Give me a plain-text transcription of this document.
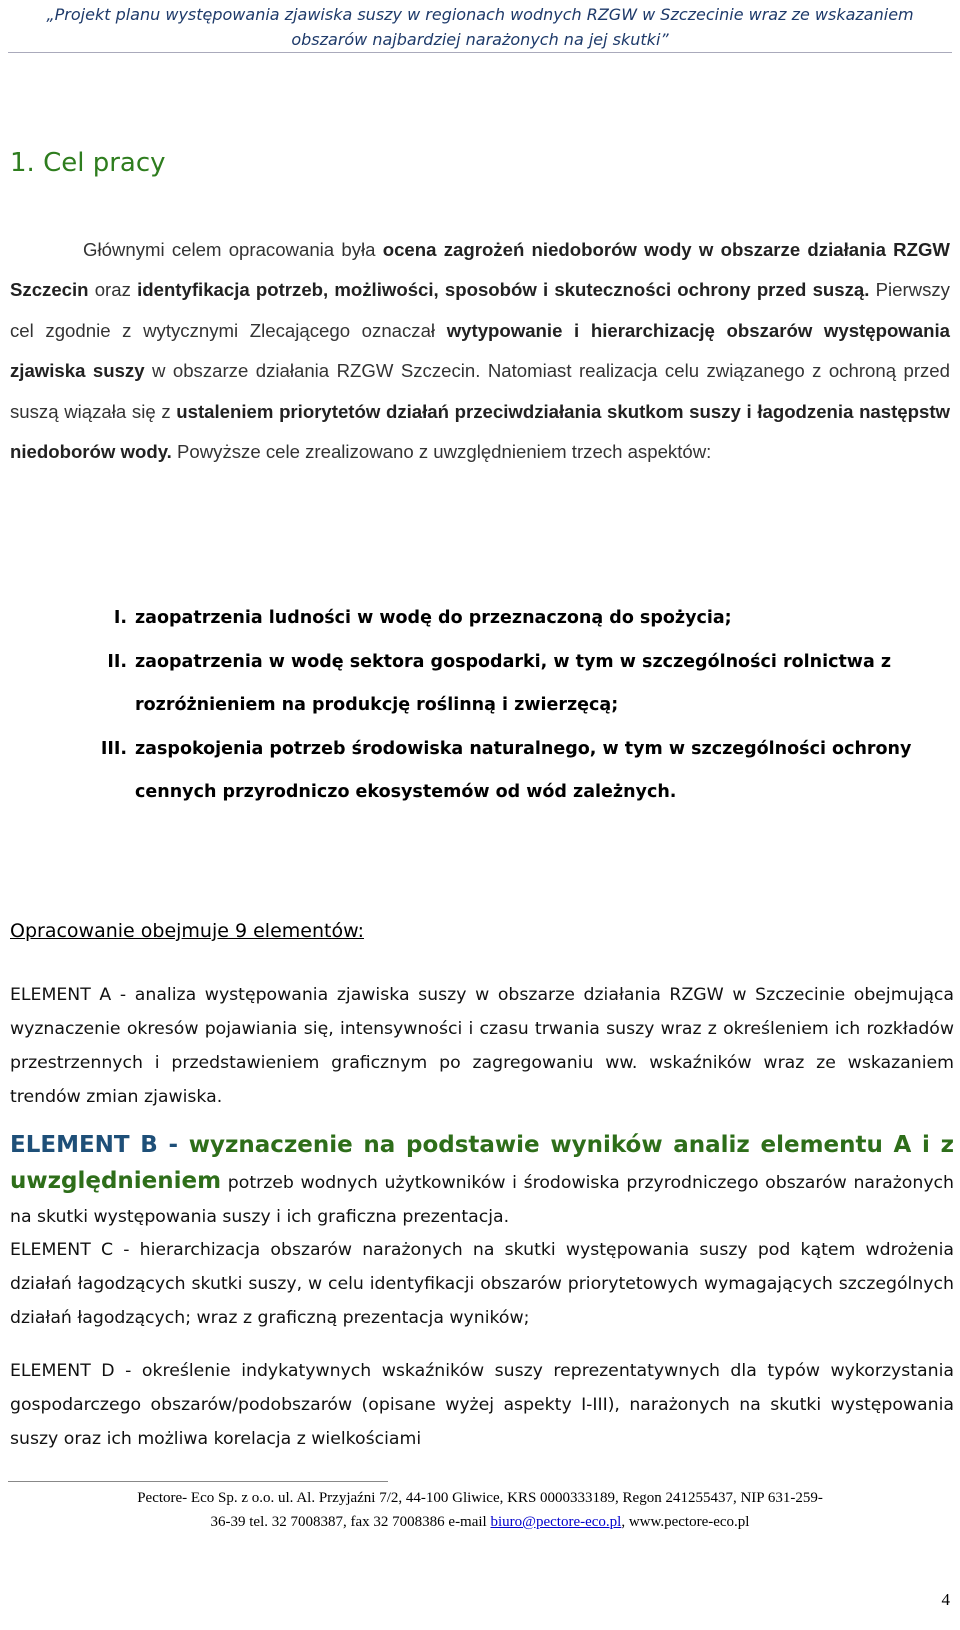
„Projekt planu występowania zjawiska suszy w regionach wodnych RZGW w Szczecinie wraz ze wskazaniem
obszarów najbardziej narażonych na jej skutki”
1. Cel pracy

Głównymi celem opracowania była ocena zagrożeń niedoborów wody w obszarze działania RZGW Szczecin oraz identyfikacja potrzeb, możliwości, sposobów i skuteczności ochrony przed suszą. Pierwszy cel zgodnie z wytycznymi Zlecającego oznaczał wytypowanie i hierarchizację obszarów występowania zjawiska suszy w obszarze działania RZGW Szczecin. Natomiast realizacja celu związanego z ochroną przed suszą wiązała się z ustaleniem priorytetów działań przeciwdziałania skutkom suszy i łagodzenia następstw niedoborów wody. Powyższe cele zrealizowano z uwzględnieniem trzech aspektów:

I. zaopatrzenia ludności w wodę do przeznaczoną do spożycia;
II. zaopatrzenia w wodę sektora gospodarki, w tym w szczególności rolnictwa z rozróżnieniem na produkcję roślinną i zwierzęcą;
III. zaspokojenia potrzeb środowiska naturalnego, w tym w szczególności ochrony cennych przyrodniczo ekosystemów od wód zależnych.
Opracowanie obejmuje 9 elementów:
ELEMENT A - analiza występowania zjawiska suszy w obszarze działania RZGW w Szczecinie obejmująca wyznaczenie okresów pojawiania się, intensywności i czasu trwania suszy wraz z określeniem ich rozkładów przestrzennych i przedstawieniem graficznym po zagregowaniu ww. wskaźników wraz ze wskazaniem trendów zmian zjawiska.
ELEMENT B - wyznaczenie na podstawie wyników analiz elementu A i z uwzględnieniem potrzeb wodnych użytkowników i środowiska przyrodniczego obszarów narażonych na skutki występowania suszy i ich graficzna prezentacja.
ELEMENT C - hierarchizacja obszarów narażonych na skutki występowania suszy pod kątem wdrożenia działań łagodzących skutki suszy, w celu identyfikacji obszarów priorytetowych wymagających szczególnych działań łagodzących; wraz z graficzną prezentacja wyników;
ELEMENT D - określenie indykatywnych wskaźników suszy reprezentatywnych dla typów wykorzystania gospodarczego obszarów/podobszarów (opisane wyżej aspekty I-III), narażonych na skutki występowania suszy oraz ich możliwa korelacja z wielkościami
Pectore- Eco Sp. z o.o. ul. Al. Przyjaźni 7/2, 44-100 Gliwice, KRS 0000333189, Regon 241255437, NIP 631-259-
36-39 tel. 32 7008387, fax 32 7008386 e-mail biuro@pectore-eco.pl, www.pectore-eco.pl
4
